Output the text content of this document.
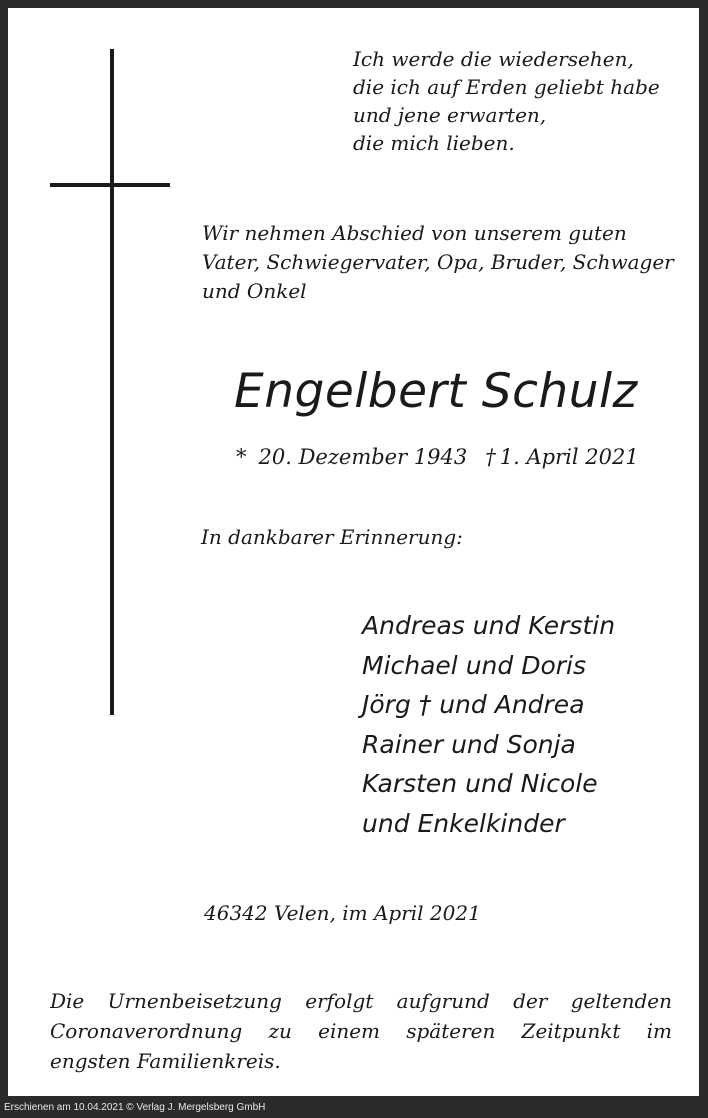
Ich werde die wiedersehen,
die ich auf Erden geliebt habe
und jene erwarten,
die mich lieben.
Wir nehmen Abschied von unserem guten
Vater, Schwiegervater, Opa, Bruder, Schwager
und Onkel
Engelbert Schulz
* 20. Dezember 1943 † 1. April 2021
In dankbarer Erinnerung:
Andreas und Kerstin
Michael und Doris
Jörg † und Andrea
Rainer und Sonja
Karsten und Nicole
und Enkelkinder
46342 Velen, im April 2021
Die Urnenbeisetzung erfolgt aufgrund der geltenden
Coronaverordnung zu einem späteren Zeitpunkt im
engsten Familienkreis.
Erschienen am 10.04.2021 © Verlag J. Mergelsberg GmbH
